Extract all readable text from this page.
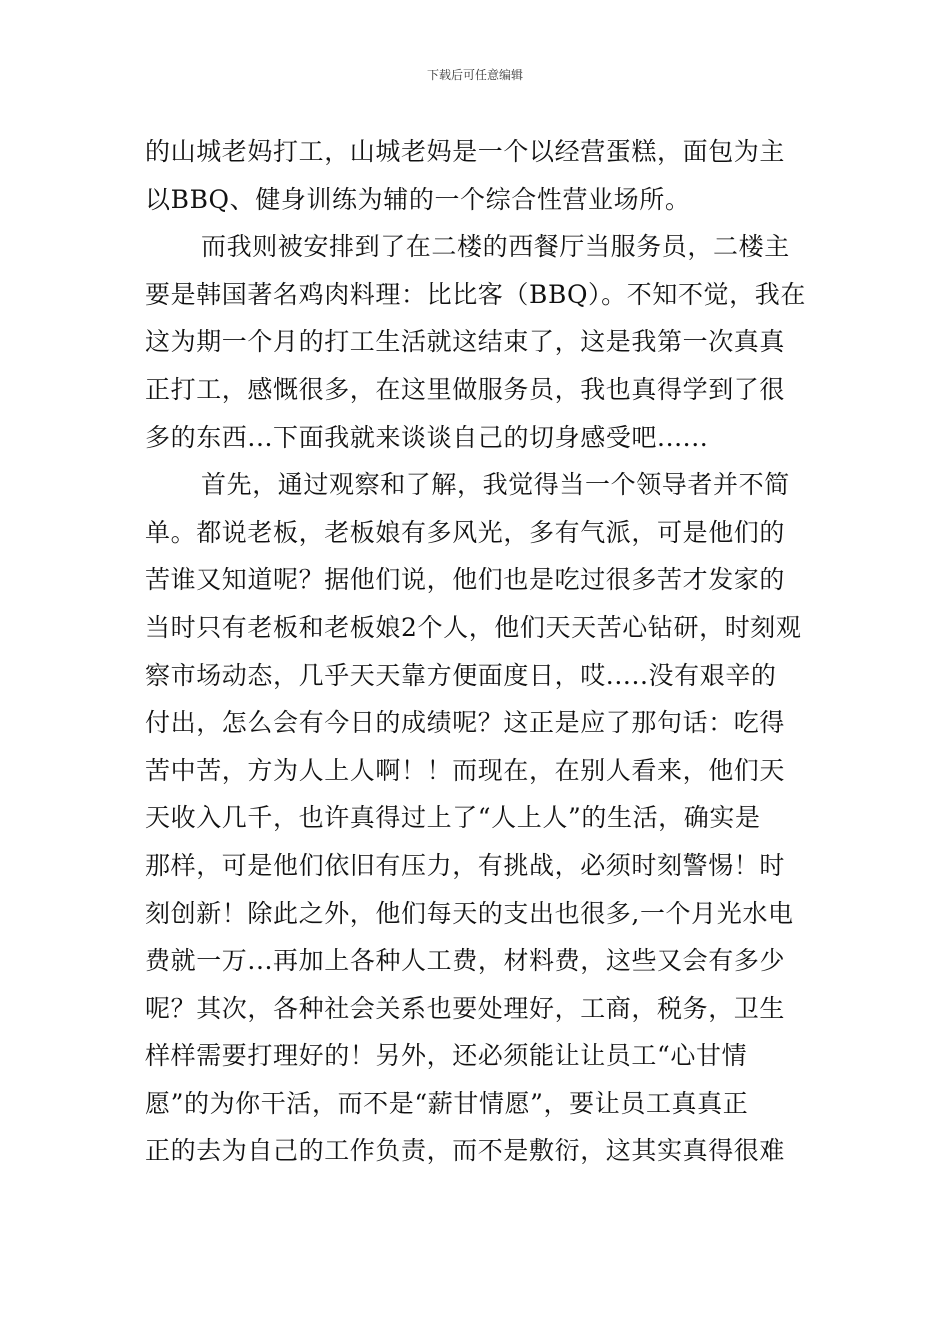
下载后可任意编辑
的山城老妈打工，山城老妈是一个以经营蛋糕，面包为主
以BBQ、健身训练为辅的一个综合性营业场所。
而我则被安排到了在二楼的西餐厅当服务员，二楼主
要是韩国著名鸡肉料理：比比客（BBQ）。不知不觉，我在
这为期一个月的打工生活就这结束了，这是我第一次真真
正打工，感慨很多，在这里做服务员，我也真得学到了很
多的东西...下面我就来谈谈自己的切身感受吧......
首先，通过观察和了解，我觉得当一个领导者并不简
单。都说老板，老板娘有多风光，多有气派，可是他们的
苦谁又知道呢？据他们说，他们也是吃过很多苦才发家的
当时只有老板和老板娘2个人，他们天天苦心钻研，时刻观
察市场动态，几乎天天靠方便面度日，哎.....没有艰辛的
付出，怎么会有今日的成绩呢？这正是应了那句话：吃得
苦中苦，方为人上人啊！！而现在，在别人看来，他们天
天收入几千，也许真得过上了“人上人”的生活，确实是
那样，可是他们依旧有压力，有挑战，必须时刻警惕！时
刻创新！除此之外，他们每天的支出也很多,一个月光水电
费就一万...再加上各种人工费，材料费，这些又会有多少
呢？其次，各种社会关系也要处理好，工商，税务，卫生
样样需要打理好的！另外，还必须能让让员工“心甘情
愿”的为你干活，而不是“薪甘情愿”，要让员工真真正
正的去为自己的工作负责，而不是敷衍，这其实真得很难
